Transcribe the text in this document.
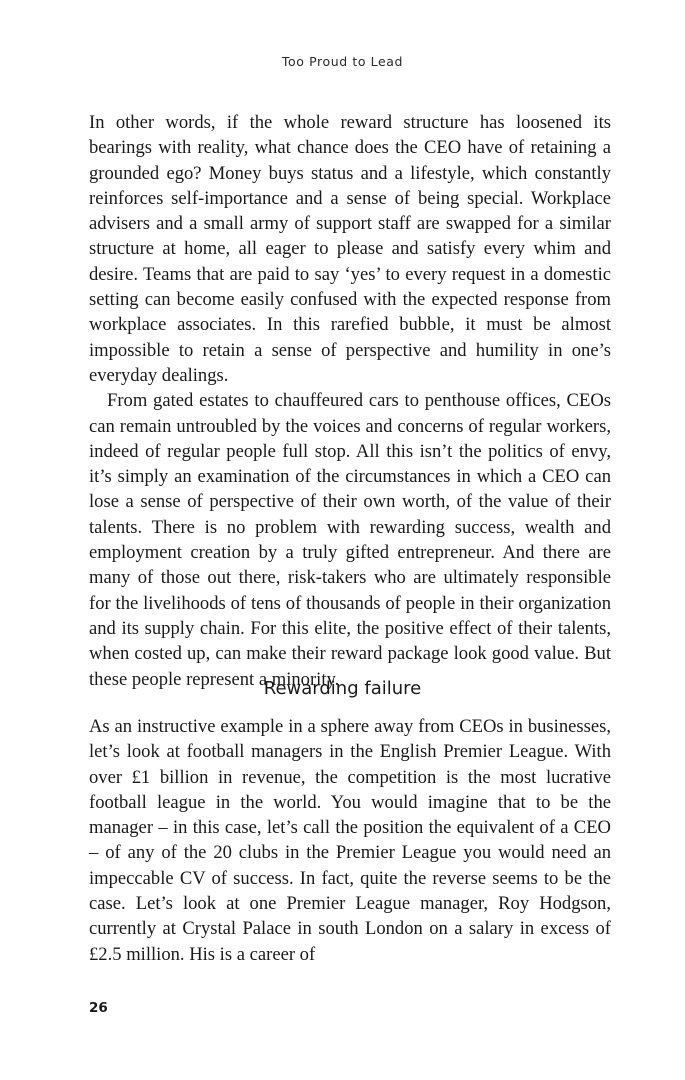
Too Proud to Lead

In other words, if the whole reward structure has loosened its bearings with reality, what chance does the CEO have of retaining a grounded ego? Money buys status and a lifestyle, which constantly reinforces self-importance and a sense of being special. Workplace advisers and a small army of support staff are swapped for a similar structure at home, all eager to please and satisfy every whim and desire. Teams that are paid to say ‘yes’ to every request in a domestic setting can become easily confused with the expected response from workplace associates. In this rarefied bubble, it must be almost impossible to retain a sense of perspective and humility in one’s everyday dealings.

From gated estates to chauffeured cars to penthouse offices, CEOs can remain untroubled by the voices and concerns of regular workers, indeed of regular people full stop. All this isn’t the politics of envy, it’s simply an examination of the circumstances in which a CEO can lose a sense of perspective of their own worth, of the value of their talents. There is no problem with rewarding success, wealth and employment creation by a truly gifted entrepreneur. And there are many of those out there, risk-takers who are ultimately responsible for the livelihoods of tens of thousands of people in their organization and its supply chain. For this elite, the positive effect of their talents, when costed up, can make their reward package look good value. But these people represent a minority.

Rewarding failure

As an instructive example in a sphere away from CEOs in businesses, let’s look at football managers in the English Premier League. With over £1 billion in revenue, the competition is the most lucrative football league in the world. You would imagine that to be the manager – in this case, let’s call the position the equivalent of a CEO – of any of the 20 clubs in the Premier League you would need an impeccable CV of success. In fact, quite the reverse seems to be the case. Let’s look at one Premier League manager, Roy Hodgson, currently at Crystal Palace in south London on a salary in excess of £2.5 million. His is a career of

26
